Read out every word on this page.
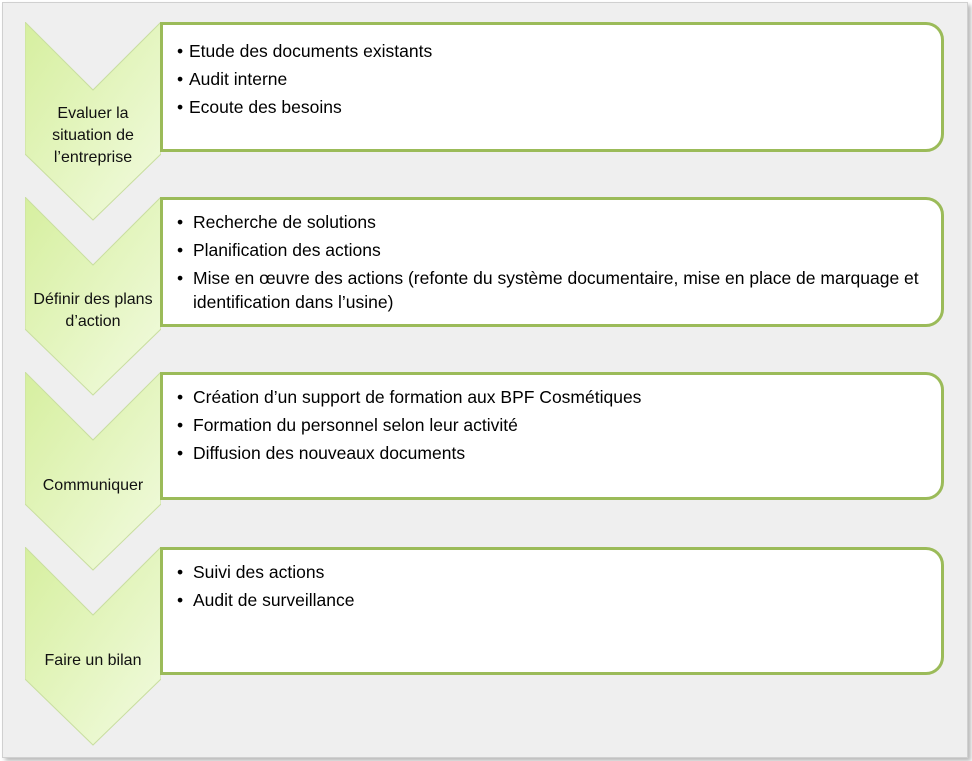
Evaluer la situation de l’entreprise
• Etude des documents existants
• Audit interne
• Ecoute des besoins
Définir des plans d’action
• Recherche de solutions
• Planification des actions
• Mise en œuvre des actions (refonte du système documentaire, mise en place de marquage et identification dans l’usine)
Communiquer
• Création d’un support de formation aux BPF Cosmétiques
• Formation du personnel selon leur activité
• Diffusion des nouveaux documents
Faire un bilan
• Suivi des actions
• Audit de surveillance
